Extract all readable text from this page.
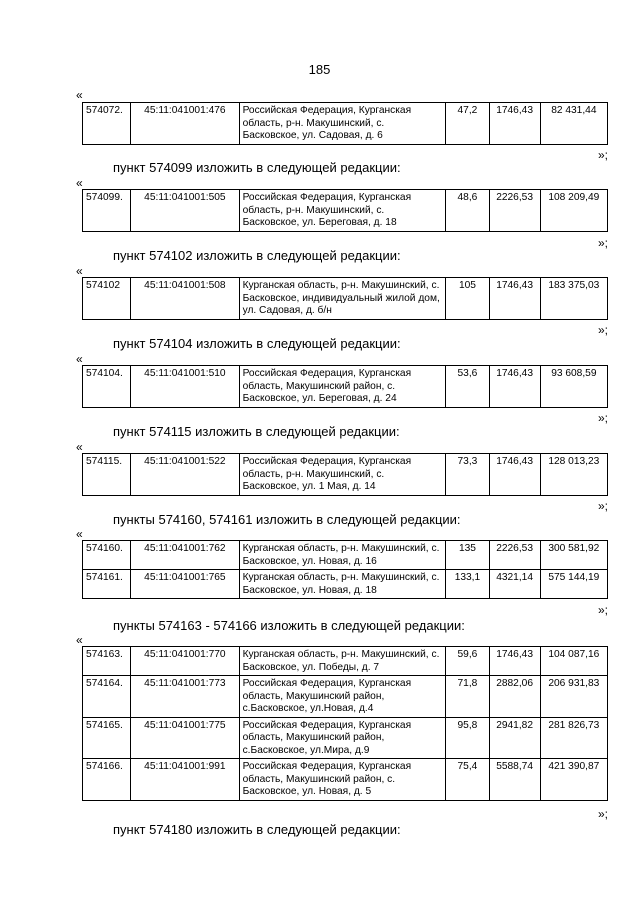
185
«
574072.	45:11:041001:476	Российская Федерация, Курганская область, р-н. Макушинский, с. Басковское, ул. Садовая, д. 6	47,2	1746,43	82 431,44
»;
пункт 574099 изложить в следующей редакции:
«
574099.	45:11:041001:505	Российская Федерация, Курганская область, р-н. Макушинский, с. Басковское, ул. Береговая, д. 18	48,6	2226,53	108 209,49
»;
пункт 574102 изложить в следующей редакции:
«
574102	45:11:041001:508	Курганская область, р-н. Макушинский, с. Басковское, индивидуальный жилой дом, ул. Садовая, д. б/н	105	1746,43	183 375,03
»;
пункт 574104 изложить в следующей редакции:
«
574104.	45:11:041001:510	Российская Федерация, Курганская область, Макушинский район, с. Басковское, ул. Береговая, д. 24	53,6	1746,43	93 608,59
»;
пункт 574115 изложить в следующей редакции:
«
574115.	45:11:041001:522	Российская Федерация, Курганская область, р-н. Макушинский, с. Басковское, ул. 1 Мая, д. 14	73,3	1746,43	128 013,23
»;
пункты 574160, 574161 изложить в следующей редакции:
«
574160.	45:11:041001:762	Курганская область, р-н. Макушинский, с. Басковское, ул. Новая, д. 16	135	2226,53	300 581,92
574161.	45:11:041001:765	Курганская область, р-н. Макушинский, с. Басковское, ул. Новая, д. 18	133,1	4321,14	575 144,19
»;
пункты 574163 - 574166 изложить в следующей редакции:
«
574163.	45:11:041001:770	Курганская область, р-н. Макушинский, с. Басковское, ул. Победы, д. 7	59,6	1746,43	104 087,16
574164.	45:11:041001:773	Российская Федерация, Курганская область, Макушинский район, с.Басковское, ул.Новая, д.4	71,8	2882,06	206 931,83
574165.	45:11:041001:775	Российская Федерация, Курганская область, Макушинский район, с.Басковское, ул.Мира, д.9	95,8	2941,82	281 826,73
574166.	45:11:041001:991	Российская Федерация, Курганская область, Макушинский район, с. Басковское, ул. Новая, д. 5	75,4	5588,74	421 390,87
»;
пункт 574180 изложить в следующей редакции:
